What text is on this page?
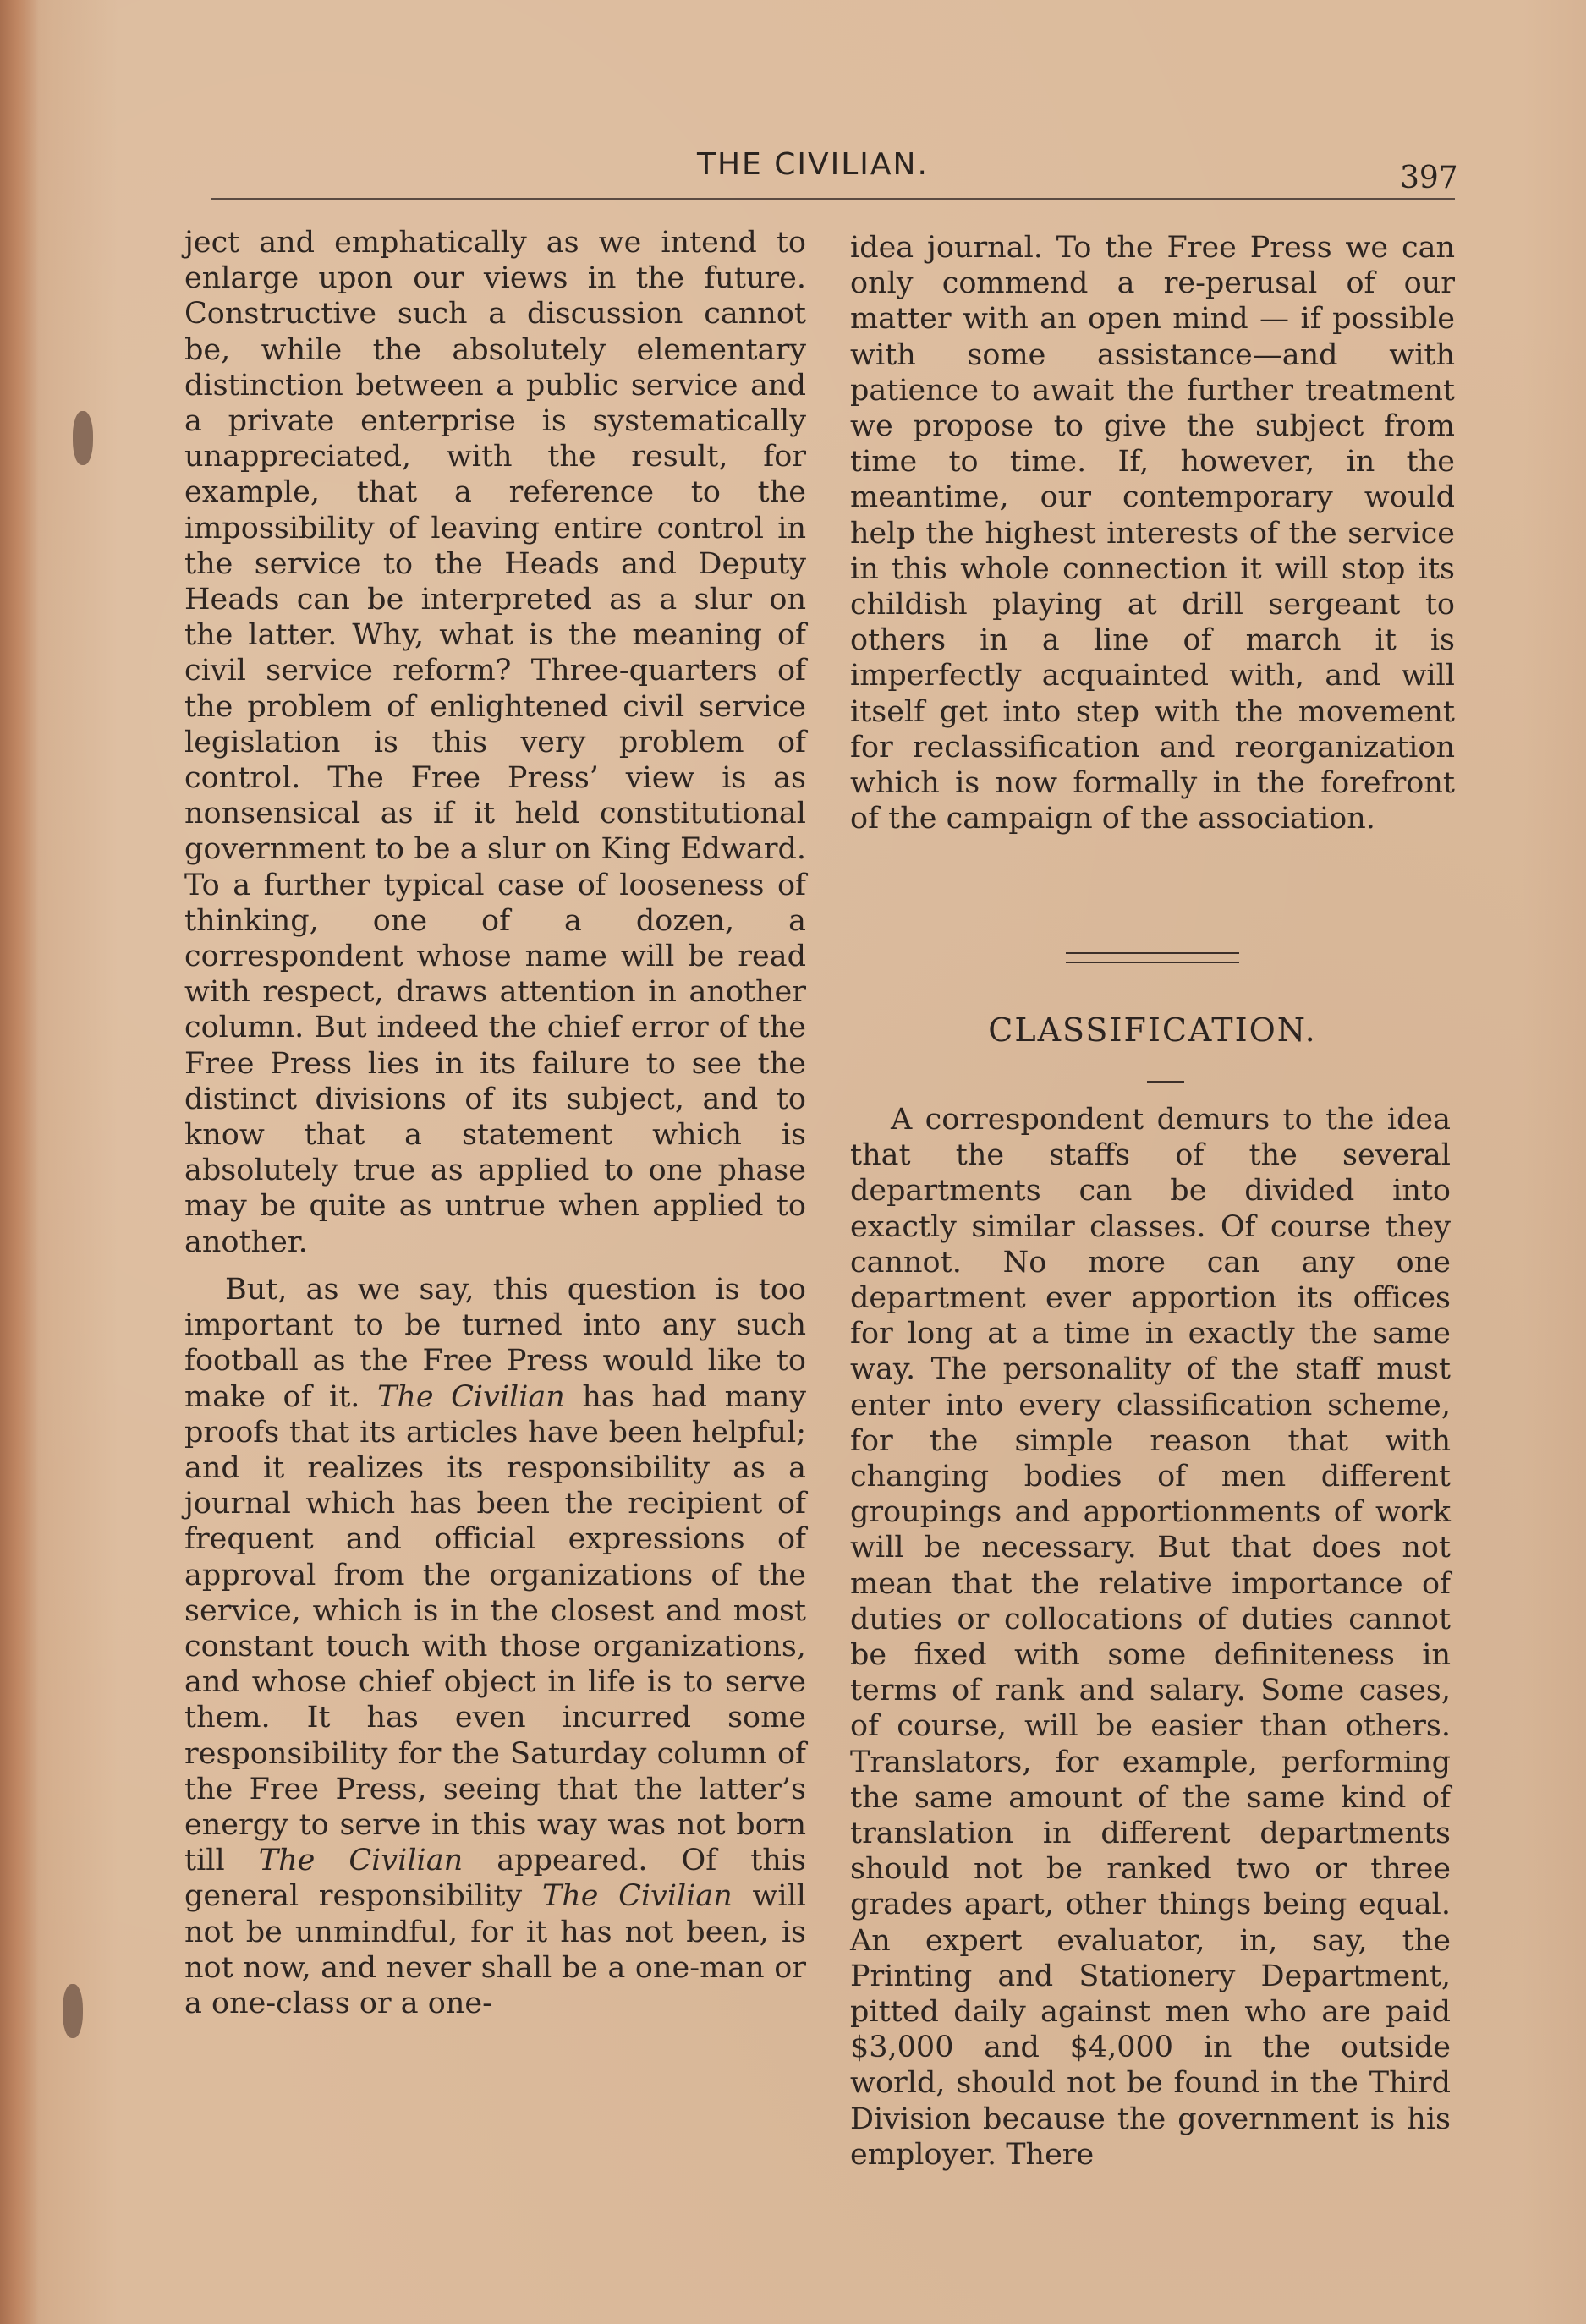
THE CIVILIAN.	397

ject and emphatically as we intend to enlarge upon our views in the future. Constructive such a discussion cannot be, while the absolutely elementary distinction between a public service and a private enterprise is systematically unappreciated, with the result, for example, that a reference to the impossibility of leaving entire control in the service to the Heads and Deputy Heads can be interpreted as a slur on the latter. Why, what is the meaning of civil service reform? Three-quarters of the problem of enlightened civil service legislation is this very problem of control. The Free Press’ view is as nonsensical as if it held constitutional government to be a slur on King Edward. To a further typical case of looseness of thinking, one of a dozen, a correspondent whose name will be read with respect, draws attention in another column. But indeed the chief error of the Free Press lies in its failure to see the distinct divisions of its subject, and to know that a statement which is absolutely true as applied to one phase may be quite as untrue when applied to another.

But, as we say, this question is too important to be turned into any such football as the Free Press would like to make of it. The Civilian has had many proofs that its articles have been helpful; and it realizes its responsibility as a journal which has been the recipient of frequent and official expressions of approval from the organizations of the service, which is in the closest and most constant touch with those organizations, and whose chief object in life is to serve them. It has even incurred some responsibility for the Saturday column of the Free Press, seeing that the latter’s energy to serve in this way was not born till The Civilian appeared. Of this general responsibility The Civilian will not be unmindful, for it has not been, is not now, and never shall be a one-man or a one-class or a one-

idea journal. To the Free Press we can only commend a re-perusal of our matter with an open mind — if possible with some assistance—and with patience to await the further treatment we propose to give the subject from time to time. If, however, in the meantime, our contemporary would help the highest interests of the service in this whole connection it will stop its childish playing at drill sergeant to others in a line of march it is imperfectly acquainted with, and will itself get into step with the movement for reclassification and reorganization which is now formally in the forefront of the campaign of the association.

CLASSIFICATION.

A correspondent demurs to the idea that the staffs of the several departments can be divided into exactly similar classes. Of course they cannot. No more can any one department ever apportion its offices for long at a time in exactly the same way. The personality of the staff must enter into every classification scheme, for the simple reason that with changing bodies of men different groupings and apportionments of work will be necessary. But that does not mean that the relative importance of duties or collocations of duties cannot be fixed with some definiteness in terms of rank and salary. Some cases, of course, will be easier than others. Translators, for example, performing the same amount of the same kind of translation in different departments should not be ranked two or three grades apart, other things being equal. An expert evaluator, in, say, the Printing and Stationery Department, pitted daily against men who are paid $3,000 and $4,000 in the outside world, should not be found in the Third Division because the government is his employer. There
